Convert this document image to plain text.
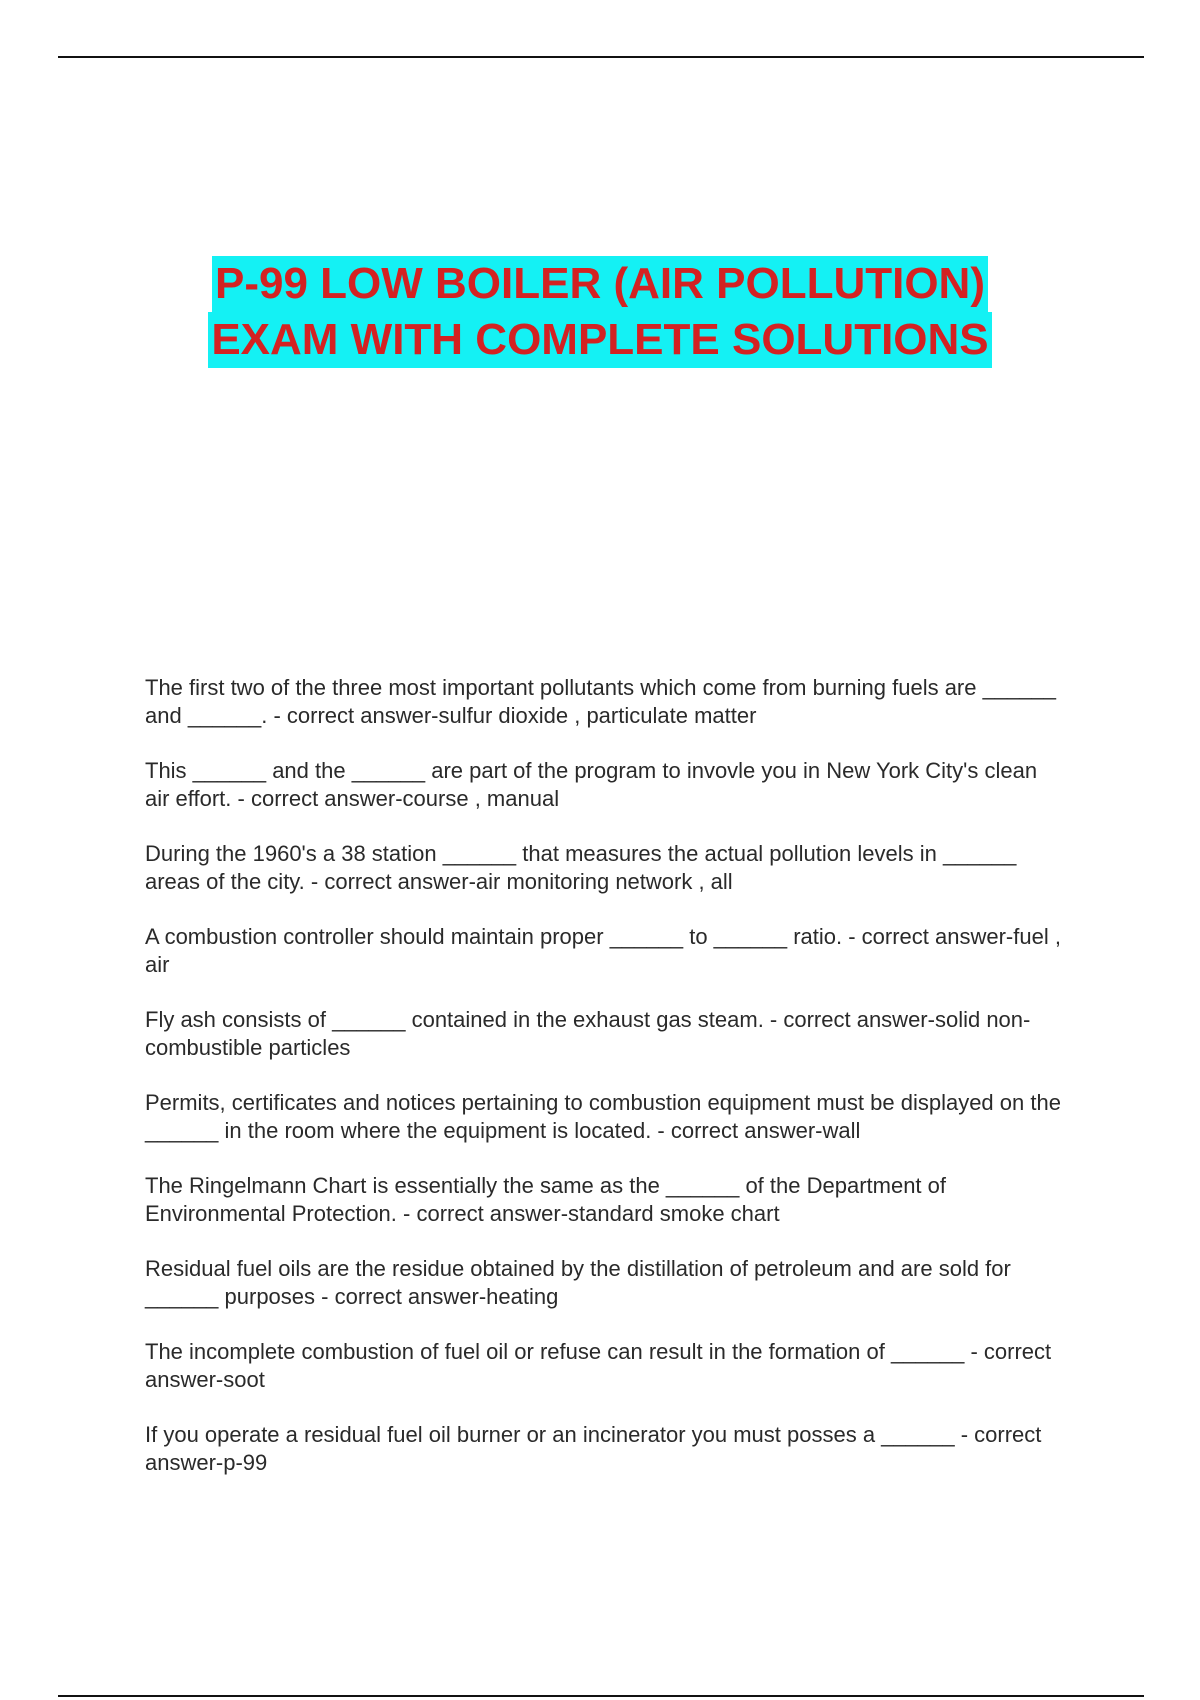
P-99 LOW BOILER (AIR POLLUTION)
EXAM WITH COMPLETE SOLUTIONS

The first two of the three most important pollutants which come from burning fuels are ______ and ______. - correct answer-sulfur dioxide , particulate matter

This ______ and the ______ are part of the program to invovle you in New York City's clean air effort. - correct answer-course , manual

During the 1960's a 38 station ______ that measures the actual pollution levels in ______ areas of the city. - correct answer-air monitoring network , all

A combustion controller should maintain proper ______ to ______ ratio. - correct answer-fuel , air

Fly ash consists of ______ contained in the exhaust gas steam. - correct answer-solid non-combustible particles

Permits, certificates and notices pertaining to combustion equipment must be displayed on the ______ in the room where the equipment is located. - correct answer-wall

The Ringelmann Chart is essentially the same as the ______ of the Department of Environmental Protection. - correct answer-standard smoke chart

Residual fuel oils are the residue obtained by the distillation of petroleum and are sold for ______ purposes - correct answer-heating

The incomplete combustion of fuel oil or refuse can result in the formation of ______ - correct answer-soot

If you operate a residual fuel oil burner or an incinerator you must posses a ______ - correct answer-p-99
